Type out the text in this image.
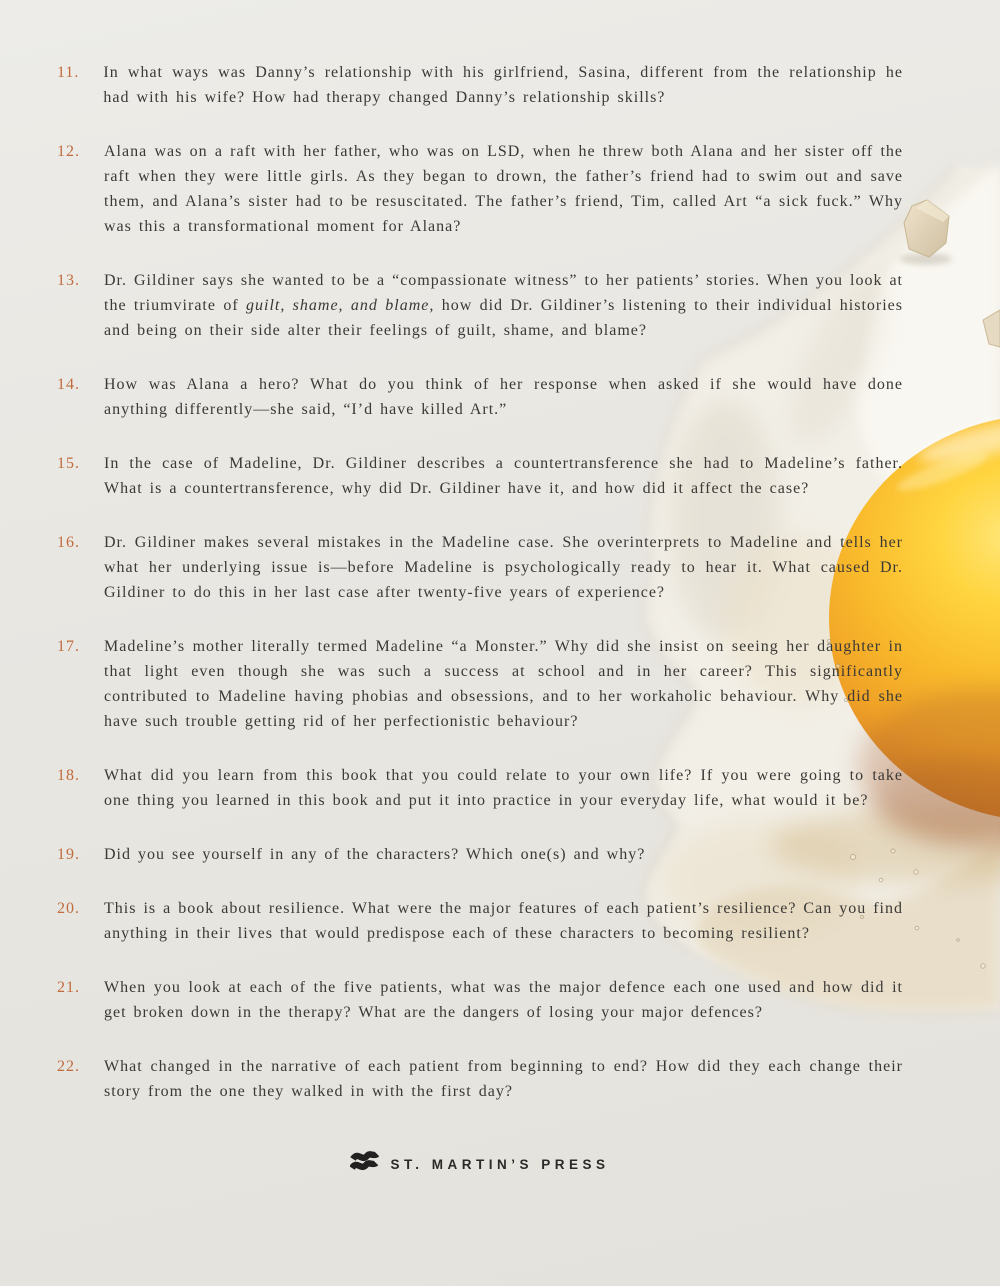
11.	In what ways was Danny’s relationship with his girlfriend, Sasina, different from the relationship he had with his wife? How had therapy changed Danny’s relationship skills?

12.	Alana was on a raft with her father, who was on LSD, when he threw both Alana and her sister off the raft when they were little girls. As they began to drown, the father’s friend had to swim out and save them, and Alana’s sister had to be resuscitated. The father’s friend, Tim, called Art “a sick fuck.” Why was this a transformational moment for Alana?

13.	Dr. Gildiner says she wanted to be a “compassionate witness” to her patients’ stories. When you look at the triumvirate of guilt, shame, and blame, how did Dr. Gildiner’s listening to their individual histories and being on their side alter their feelings of guilt, shame, and blame?

14.	How was Alana a hero? What do you think of her response when asked if she would have done anything differently—she said, “I’d have killed Art.”

15.	In the case of Madeline, Dr. Gildiner describes a countertransference she had to Madeline’s father. What is a countertransference, why did Dr. Gildiner have it, and how did it affect the case?

16.	Dr. Gildiner makes several mistakes in the Madeline case. She overinterprets to Madeline and tells her what her underlying issue is—before Madeline is psychologically ready to hear it. What caused Dr. Gildiner to do this in her last case after twenty-five years of experience?

17.	Madeline’s mother literally termed Madeline “a Monster.” Why did she insist on seeing her daughter in that light even though she was such a success at school and in her career? This significantly contributed to Madeline having phobias and obsessions, and to her workaholic behaviour. Why did she have such trouble getting rid of her perfectionistic behaviour?

18.	What did you learn from this book that you could relate to your own life? If you were going to take one thing you learned in this book and put it into practice in your everyday life, what would it be?

19.	Did you see yourself in any of the characters? Which one(s) and why?

20.	This is a book about resilience. What were the major features of each patient’s resilience? Can you find anything in their lives that would predispose each of these characters to becoming resilient?

21.	When you look at each of the five patients, what was the major defence each one used and how did it get broken down in the therapy? What are the dangers of losing your major defences?

22.	What changed in the narrative of each patient from beginning to end? How did they each change their story from the one they walked in with the first day?

ST. MARTIN’S PRESS
